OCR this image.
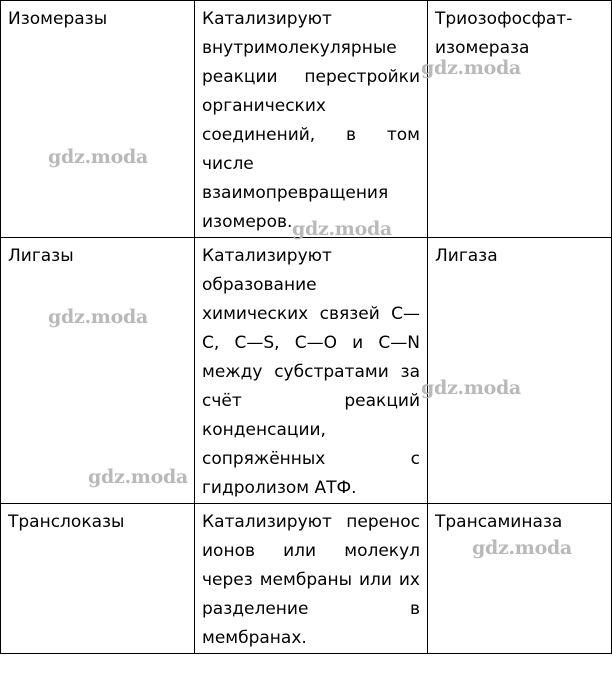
Изомеразы	Катализируют внутримолекулярные реакции перестройки органических соединений, в том числе взаимопревращения изомеров.	Триозофосфат-изомераза
Лигазы	Катализируют образование химических связей С—С, С—S, С—О и С—N между субстратами за счёт реакций конденсации, сопряжённых с гидролизом АТФ.	Лигаза
Транслоказы	Катализируют перенос ионов или молекул через мембраны или их разделение в мембранах.	Трансаминаза
gdz.moda
gdz.moda
gdz.moda
gdz.moda
gdz.moda
gdz.moda
gdz.moda
